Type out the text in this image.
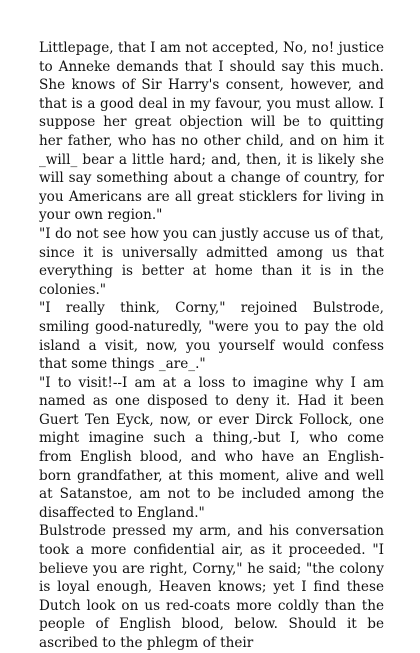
Littlepage, that I am not accepted, No, no! justice to Anneke demands that I should say this much. She knows of Sir Harry's consent, however, and that is a good deal in my favour, you must allow. I suppose her great objection will be to quitting her father, who has no other child, and on him it _will_ bear a little hard; and, then, it is likely she will say something about a change of country, for you Americans are all great sticklers for living in your own region."

"I do not see how you can justly accuse us of that, since it is universally admitted among us that everything is better at home than it is in the colonies."

"I really think, Corny," rejoined Bulstrode, smiling good-naturedly, "were you to pay the old island a visit, now, you yourself would confess that some things _are_."

"I to visit!--I am at a loss to imagine why I am named as one disposed to deny it. Had it been Guert Ten Eyck, now, or ever Dirck Follock, one might imagine such a thing,-but I, who come from English blood, and who have an English-born grandfather, at this moment, alive and well at Satanstoe, am not to be included among the disaffected to England."

Bulstrode pressed my arm, and his conversation took a more confidential air, as it proceeded. "I believe you are right, Corny," he said; "the colony is loyal enough, Heaven knows; yet I find these Dutch look on us red-coats more coldly than the people of English blood, below. Should it be ascribed to the phlegm of their
